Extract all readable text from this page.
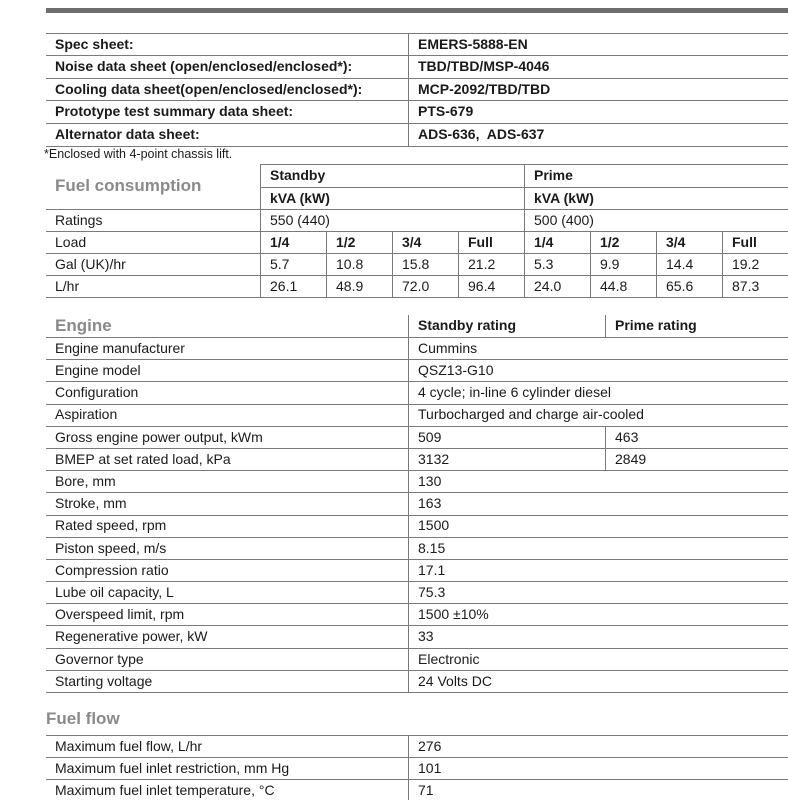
Spec sheet:	EMERS-5888-EN
Noise data sheet (open/enclosed/enclosed*):	TBD/TBD/MSP-4046
Cooling data sheet(open/enclosed/enclosed*):	MCP-2092/TBD/TBD
Prototype test summary data sheet:	PTS-679
Alternator data sheet:	ADS-636,  ADS-637
*Enclosed with 4-point chassis lift.
Fuel consumption
Standby	Prime
kVA (kW)	kVA (kW)
Ratings	550 (440)	500 (400)
Load	1/4	1/2	3/4	Full	1/4	1/2	3/4	Full
Gal (UK)/hr	5.7	10.8	15.8	21.2	5.3	9.9	14.4	19.2
L/hr	26.1	48.9	72.0	96.4	24.0	44.8	65.6	87.3
Engine	Standby rating	Prime rating
Engine manufacturer	Cummins
Engine model	QSZ13-G10
Configuration	4 cycle; in-line 6 cylinder diesel
Aspiration	Turbocharged and charge air-cooled
Gross engine power output, kWm	509	463
BMEP at set rated load, kPa	3132	2849
Bore, mm	130
Stroke, mm	163
Rated speed, rpm	1500
Piston speed, m/s	8.15
Compression ratio	17.1
Lube oil capacity, L	75.3
Overspeed limit, rpm	1500 ±10%
Regenerative power, kW	33
Governor type	Electronic
Starting voltage	24 Volts DC
Fuel flow
Maximum fuel flow, L/hr	276
Maximum fuel inlet restriction, mm Hg	101
Maximum fuel inlet temperature, °C	71
